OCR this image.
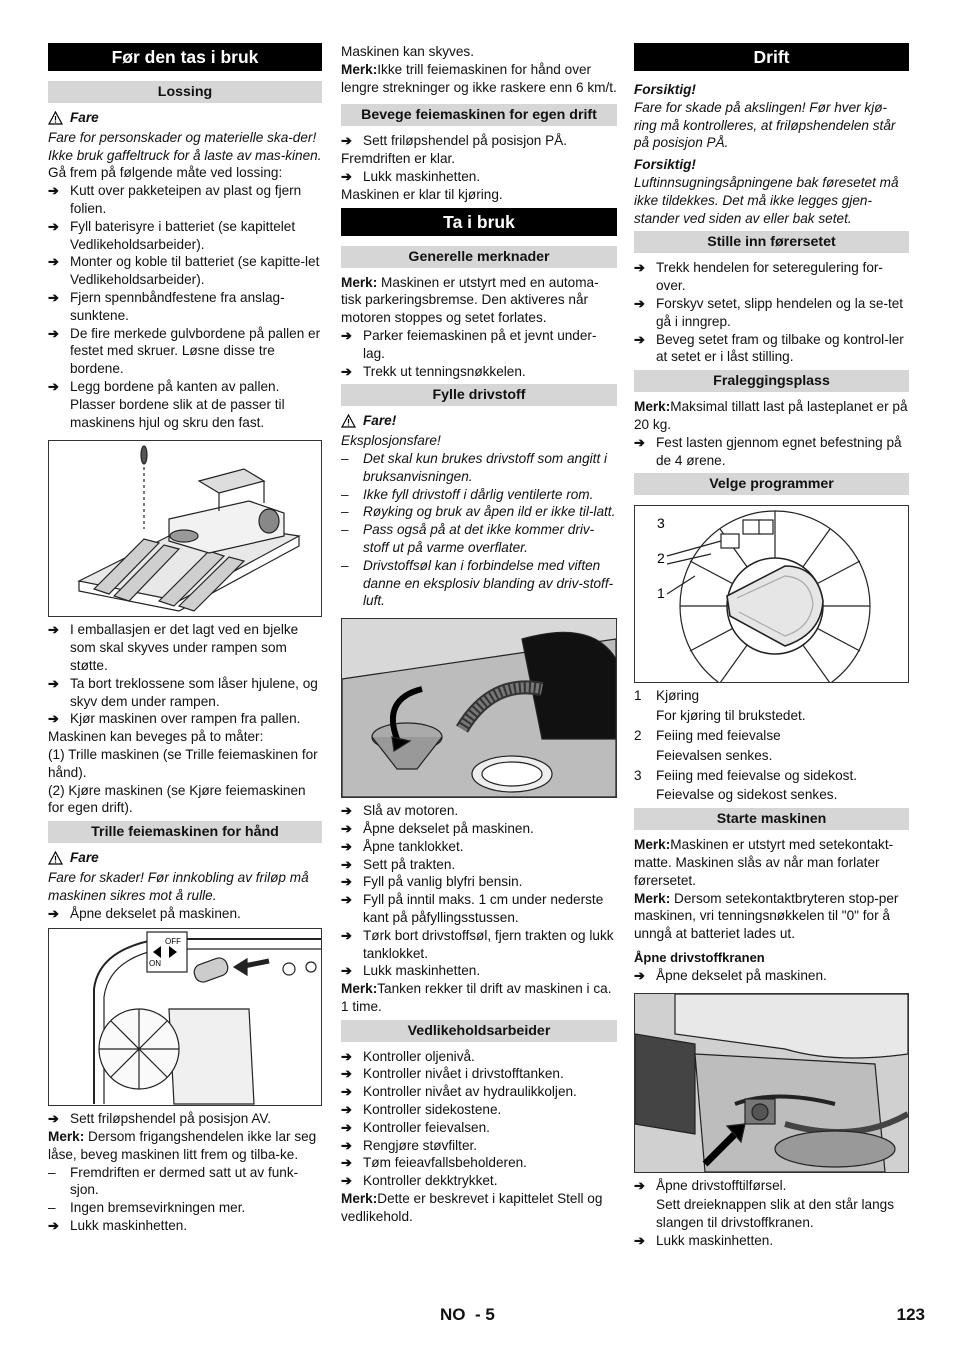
Før den tas i bruk
Lossing
Fare

Fare for personskader og materielle ska-der! Ikke bruk gaffeltruck for å laste av mas-kinen.

Gå frem på følgende måte ved lossing:

➔ Kutt over pakketeipen av plast og fjern folien.
➔ Fyll baterisyre i batteriet (se kapittelet Vedlikeholdsarbeider).
➔ Monter og koble til batteriet (se kapitte-let Vedlikeholdsarbeider).
➔ Fjern spennbåndfestene fra anslag-sunktene.
➔ De fire merkede gulvbordene på pallen er festet med skruer. Løsne disse tre bordene.
➔ Legg bordene på kanten av pallen. Plasser bordene slik at de passer til maskinens hjul og skru den fast.
➔ I emballasjen er det lagt ved en bjelke som skal skyves under rampen som støtte.
➔ Ta bort treklossene som låser hjulene, og skyv dem under rampen.
➔ Kjør maskinen over rampen fra pallen.

Maskinen kan beveges på to måter:

(1) Trille maskinen (se Trille feiemaskinen for hånd).

(2) Kjøre maskinen (se Kjøre feiemaskinen for egen drift).

Trille feiemaskinen for hånd
Fare

Fare for skader! Før innkobling av friløp må maskinen sikres mot å rulle.

➔ Åpne dekselet på maskinen.
OFF
ON
➔ Sett friløpshendel på posisjon AV.

Merk: Dersom frigangshendelen ikke lar seg låse, beveg maskinen litt frem og tilba-ke.

– Fremdriften er dermed satt ut av funk-sjon.
– Ingen bremsevirkningen mer.
➔ Lukk maskinhetten.

Maskinen kan skyves.

Merk:Ikke trill feiemaskinen for hånd over lengre strekninger og ikke raskere enn 6 km/t.

Bevege feiemaskinen for egen drift
➔ Sett friløpshendel på posisjon PÅ.

Fremdriften er klar.

➔ Lukk maskinhetten.

Maskinen er klar til kjøring.

Ta i bruk
Generelle merknader

Merk: Maskinen er utstyrt med en automa-tisk parkeringsbremse. Den aktiveres når motoren stoppes og setet forlates.

➔ Parker feiemaskinen på et jevnt under-lag.
➔ Trekk ut tenningsnøkkelen.
Fylle drivstoff
Fare!

Eksplosjonsfare!

– Det skal kun brukes drivstoff som angitt i bruksanvisningen.
– Ikke fyll drivstoff i dårlig ventilerte rom.
– Røyking og bruk av åpen ild er ikke til-latt.
– Pass også på at det ikke kommer driv-stoff ut på varme overflater.
– Drivstoffsøl kan i forbindelse med viften danne en eksplosiv blanding av driv-stoff-luft.
➔ Slå av motoren.
➔ Åpne dekselet på maskinen.
➔ Åpne tanklokket.
➔ Sett på trakten.
➔ Fyll på vanlig blyfri bensin.
➔ Fyll på inntil maks. 1 cm under nederste kant på påfyllingsstussen.
➔ Tørk bort drivstoffsøl, fjern trakten og lukk tanklokket.
➔ Lukk maskinhetten.

Merk:Tanken rekker til drift av maskinen i ca. 1 time.

Vedlikeholdsarbeider
➔ Kontroller oljenivå.
➔ Kontroller nivået i drivstofftanken.
➔ Kontroller nivået av hydraulikkoljen.
➔ Kontroller sidekostene.
➔ Kontroller feievalsen.
➔ Rengjøre støvfilter.
➔ Tøm feieavfallsbeholderen.
➔ Kontroller dekktrykket.

Merk:Dette er beskrevet i kapittelet Stell og vedlikehold.

Drift

Forsiktig!

Fare for skade på akslingen! Før hver kjø-ring må kontrolleres, at friløpshendelen står på posisjon PÅ.

Forsiktig!

Luftinnsugningsåpningene bak føresetet må ikke tildekkes. Det må ikke legges gjen-stander ved siden av eller bak setet.

Stille inn førersetet
➔ Trekk hendelen for seteregulering for-over.
➔ Forskyv setet, slipp hendelen og la se-tet gå i inngrep.
➔ Beveg setet fram og tilbake og kontrol-ler at setet er i låst stilling.
Fraleggingsplass

Merk:Maksimal tillatt last på lasteplanet er på 20 kg.

➔ Fest lasten gjennom egnet befestning på de 4 ørene.
Velge programmer
3
2
1
1 Kjøring

For kjøring til brukstedet.

2 Feiing med feievalse

Feievalsen senkes.

3 Feiing med feievalse og sidekost.

Feievalse og sidekost senkes.

Starte maskinen

Merk:Maskinen er utstyrt med setekontakt-matte. Maskinen slås av når man forlater førersetet.

Merk: Dersom setekontaktbryteren stop-per maskinen, vri tenningsnøkkelen til "0" for å unngå at batteriet lades ut.

Åpne drivstoffkranen

➔ Åpne dekselet på maskinen.
➔ Åpne drivstofftilførsel.

Sett dreieknappen slik at den står langs slangen til drivstoffkranen.

➔ Lukk maskinhetten.
NO - 5	123
